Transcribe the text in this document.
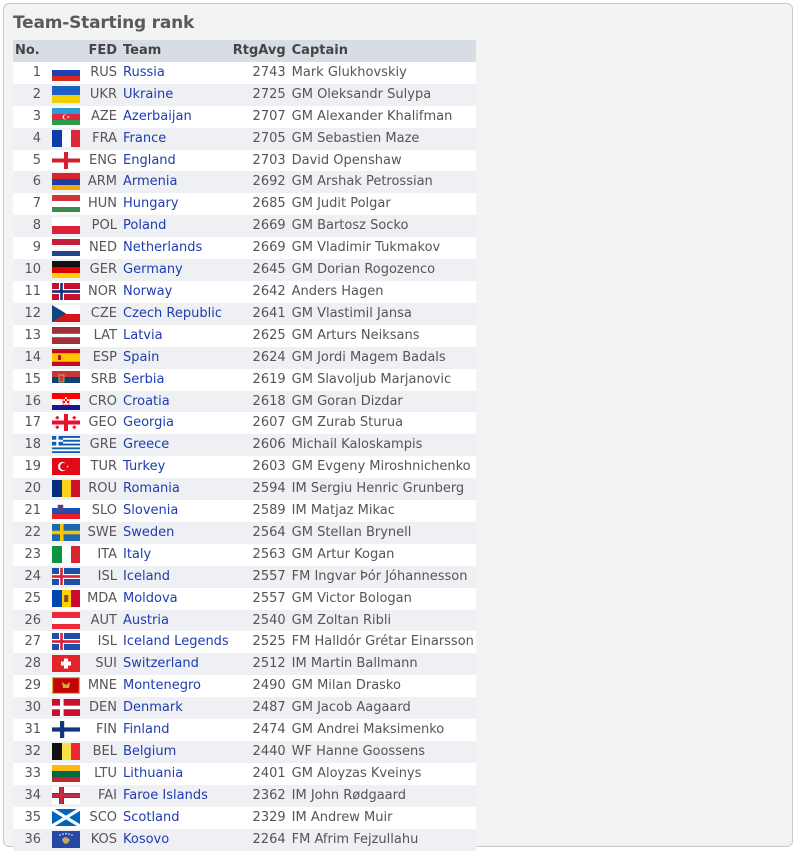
Team-Starting rank
No.		FED	Team	RtgAvg	Captain
1		RUS	Russia	2743	Mark Glukhovskiy
2		UKR	Ukraine	2725	GM Oleksandr Sulypa
3		AZE	Azerbaijan	2707	GM Alexander Khalifman
4		FRA	France	2705	GM Sebastien Maze
5		ENG	England	2703	David Openshaw
6		ARM	Armenia	2692	GM Arshak Petrossian
7		HUN	Hungary	2685	GM Judit Polgar
8		POL	Poland	2669	GM Bartosz Socko
9		NED	Netherlands	2669	GM Vladimir Tukmakov
10		GER	Germany	2645	GM Dorian Rogozenco
11		NOR	Norway	2642	Anders Hagen
12		CZE	Czech Republic	2641	GM Vlastimil Jansa
13		LAT	Latvia	2625	GM Arturs Neiksans
14		ESP	Spain	2624	GM Jordi Magem Badals
15		SRB	Serbia	2619	GM Slavoljub Marjanovic
16		CRO	Croatia	2618	GM Goran Dizdar
17		GEO	Georgia	2607	GM Zurab Sturua
18		GRE	Greece	2606	Michail Kaloskampis
19		TUR	Turkey	2603	GM Evgeny Miroshnichenko
20		ROU	Romania	2594	IM Sergiu Henric Grunberg
21		SLO	Slovenia	2589	IM Matjaz Mikac
22		SWE	Sweden	2564	GM Stellan Brynell
23		ITA	Italy	2563	GM Artur Kogan
24		ISL	Iceland	2557	FM Ingvar Þór Jóhannesson
25		MDA	Moldova	2557	GM Victor Bologan
26		AUT	Austria	2540	GM Zoltan Ribli
27		ISL	Iceland Legends	2525	FM Halldór Grétar Einarsson
28		SUI	Switzerland	2512	IM Martin Ballmann
29		MNE	Montenegro	2490	GM Milan Drasko
30		DEN	Denmark	2487	GM Jacob Aagaard
31		FIN	Finland	2474	GM Andrei Maksimenko
32		BEL	Belgium	2440	WF Hanne Goossens
33		LTU	Lithuania	2401	GM Aloyzas Kveinys
34		FAI	Faroe Islands	2362	IM John Rødgaard
35		SCO	Scotland	2329	IM Andrew Muir
36		KOS	Kosovo	2264	FM Afrim Fejzullahu
